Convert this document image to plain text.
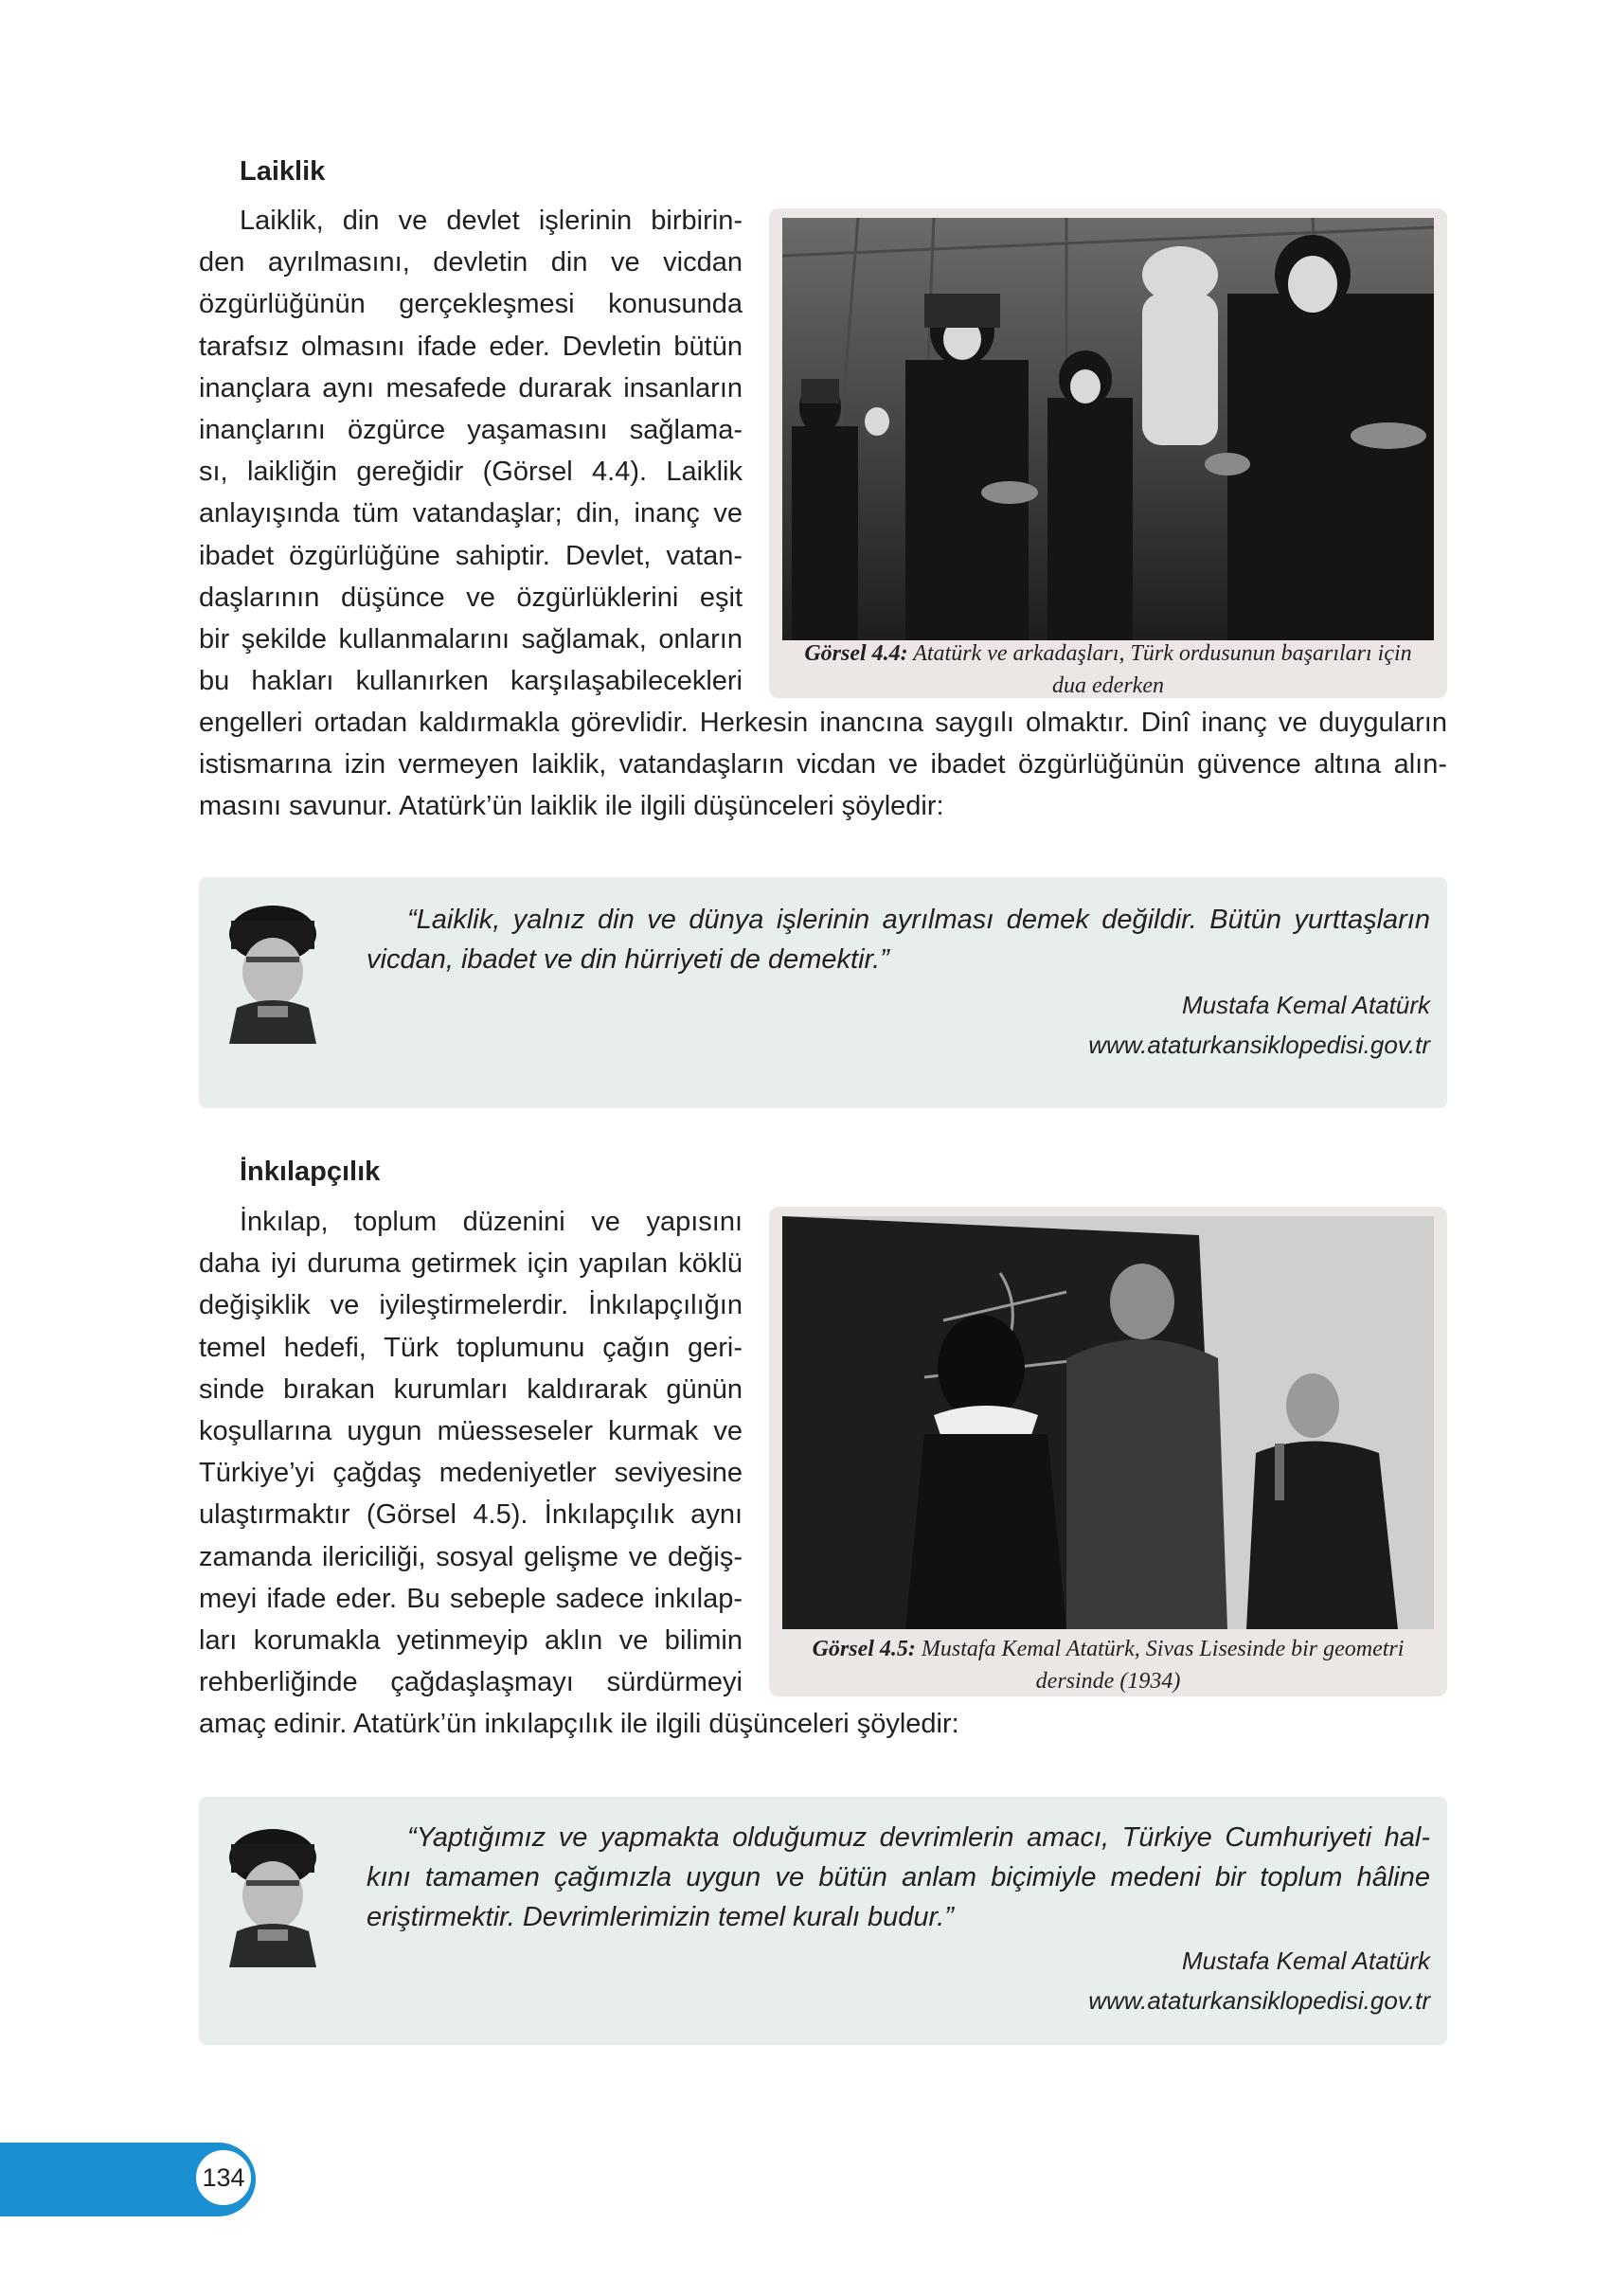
Laiklik
Laiklik, din ve devlet işlerinin birbirin-
den ayrılmasını, devletin din ve vicdan
özgürlüğünün gerçekleşmesi konusunda
tarafsız olmasını ifade eder. Devletin bütün
inançlara aynı mesafede durarak insanların
inançlarını özgürce yaşamasını sağlama-
sı, laikliğin gereğidir (Görsel 4.4). Laiklik
anlayışında tüm vatandaşlar; din, inanç ve
ibadet özgürlüğüne sahiptir. Devlet, vatan-
daşlarının düşünce ve özgürlüklerini eşit
bir şekilde kullanmalarını sağlamak, onların
bu hakları kullanırken karşılaşabilecekleri
engelleri ortadan kaldırmakla görevlidir. Herkesin inancına saygılı olmaktır. Dinî inanç ve duyguların
istismarına izin vermeyen laiklik, vatandaşların vicdan ve ibadet özgürlüğünün güvence altına alın-
masını savunur. Atatürk’ün laiklik ile ilgili düşünceleri şöyledir:
Görsel 4.4: Atatürk ve arkadaşları, Türk ordusunun başarıları için
dua ederken
“Laiklik, yalnız din ve dünya işlerinin ayrılması demek değildir. Bütün yurttaşların
vicdan, ibadet ve din hürriyeti de demektir.”
Mustafa Kemal Atatürk
www.ataturkansiklopedisi.gov.tr
İnkılapçılık
İnkılap, toplum düzenini ve yapısını
daha iyi duruma getirmek için yapılan köklü
değişiklik ve iyileştirmelerdir. İnkılapçılığın
temel hedefi, Türk toplumunu çağın geri-
sinde bırakan kurumları kaldırarak günün
koşullarına uygun müesseseler kurmak ve
Türkiye’yi çağdaş medeniyetler seviyesine
ulaştırmaktır (Görsel 4.5). İnkılapçılık aynı
zamanda ilericiliği, sosyal gelişme ve değiş-
meyi ifade eder. Bu sebeple sadece inkılap-
ları korumakla yetinmeyip aklın ve bilimin
rehberliğinde çağdaşlaşmayı sürdürmeyi
amaç edinir. Atatürk’ün inkılapçılık ile ilgili düşünceleri şöyledir:
Görsel 4.5: Mustafa Kemal Atatürk, Sivas Lisesinde bir geometri
dersinde (1934)
“Yaptığımız ve yapmakta olduğumuz devrimlerin amacı, Türkiye Cumhuriyeti hal-
kını tamamen çağımızla uygun ve bütün anlam biçimiyle medeni bir toplum hâline
eriştirmektir. Devrimlerimizin temel kuralı budur.”
Mustafa Kemal Atatürk
www.ataturkansiklopedisi.gov.tr
134
